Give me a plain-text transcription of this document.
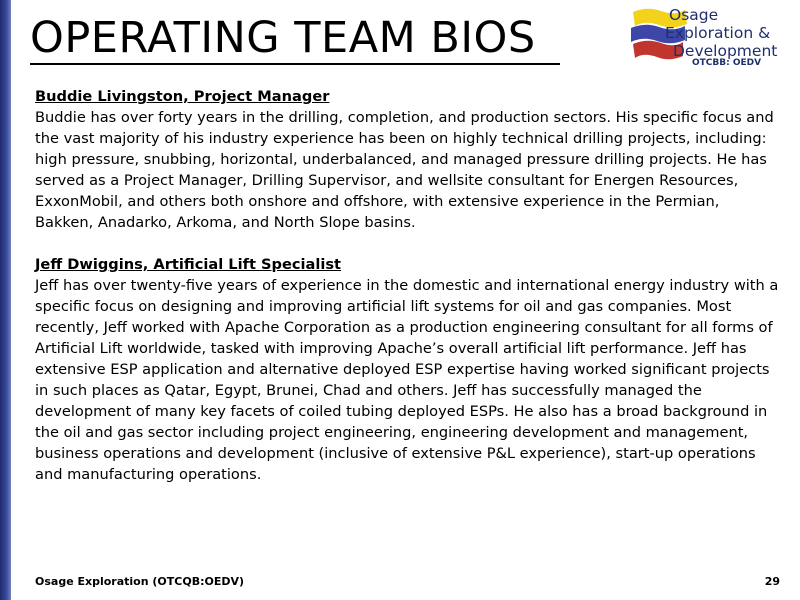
OPERATING TEAM BIOS	Osage
Exploration &
Development
OTCBB: OEDV

Buddie Livingston, Project Manager

Buddie has over forty years in the drilling, completion, and production sectors. His specific focus and the vast majority of his industry experience has been on highly technical drilling projects, including: high pressure, snubbing, horizontal, underbalanced, and managed pressure drilling projects. He has served as a Project Manager, Drilling Supervisor, and wellsite consultant for Energen Resources, ExxonMobil, and others both onshore and offshore, with extensive experience in the Permian, Bakken, Anadarko, Arkoma, and North Slope basins.

Jeff Dwiggins, Artificial Lift Specialist

Jeff has over twenty-five years of experience in the domestic and international energy industry with a specific focus on designing and improving artificial lift systems for oil and gas companies. Most recently, Jeff worked with Apache Corporation as a production engineering consultant for all forms of Artificial Lift worldwide, tasked with improving Apache’s overall artificial lift performance. Jeff has extensive ESP application and alternative deployed ESP expertise having worked significant projects in such places as Qatar, Egypt, Brunei, Chad and others. Jeff has successfully managed the development of many key facets of coiled tubing deployed ESPs. He also has a broad background in the oil and gas sector including project engineering, engineering development and management, business operations and development (inclusive of extensive P&L experience), start-up operations and manufacturing operations.

Osage Exploration (OTCQB:OEDV)	29
